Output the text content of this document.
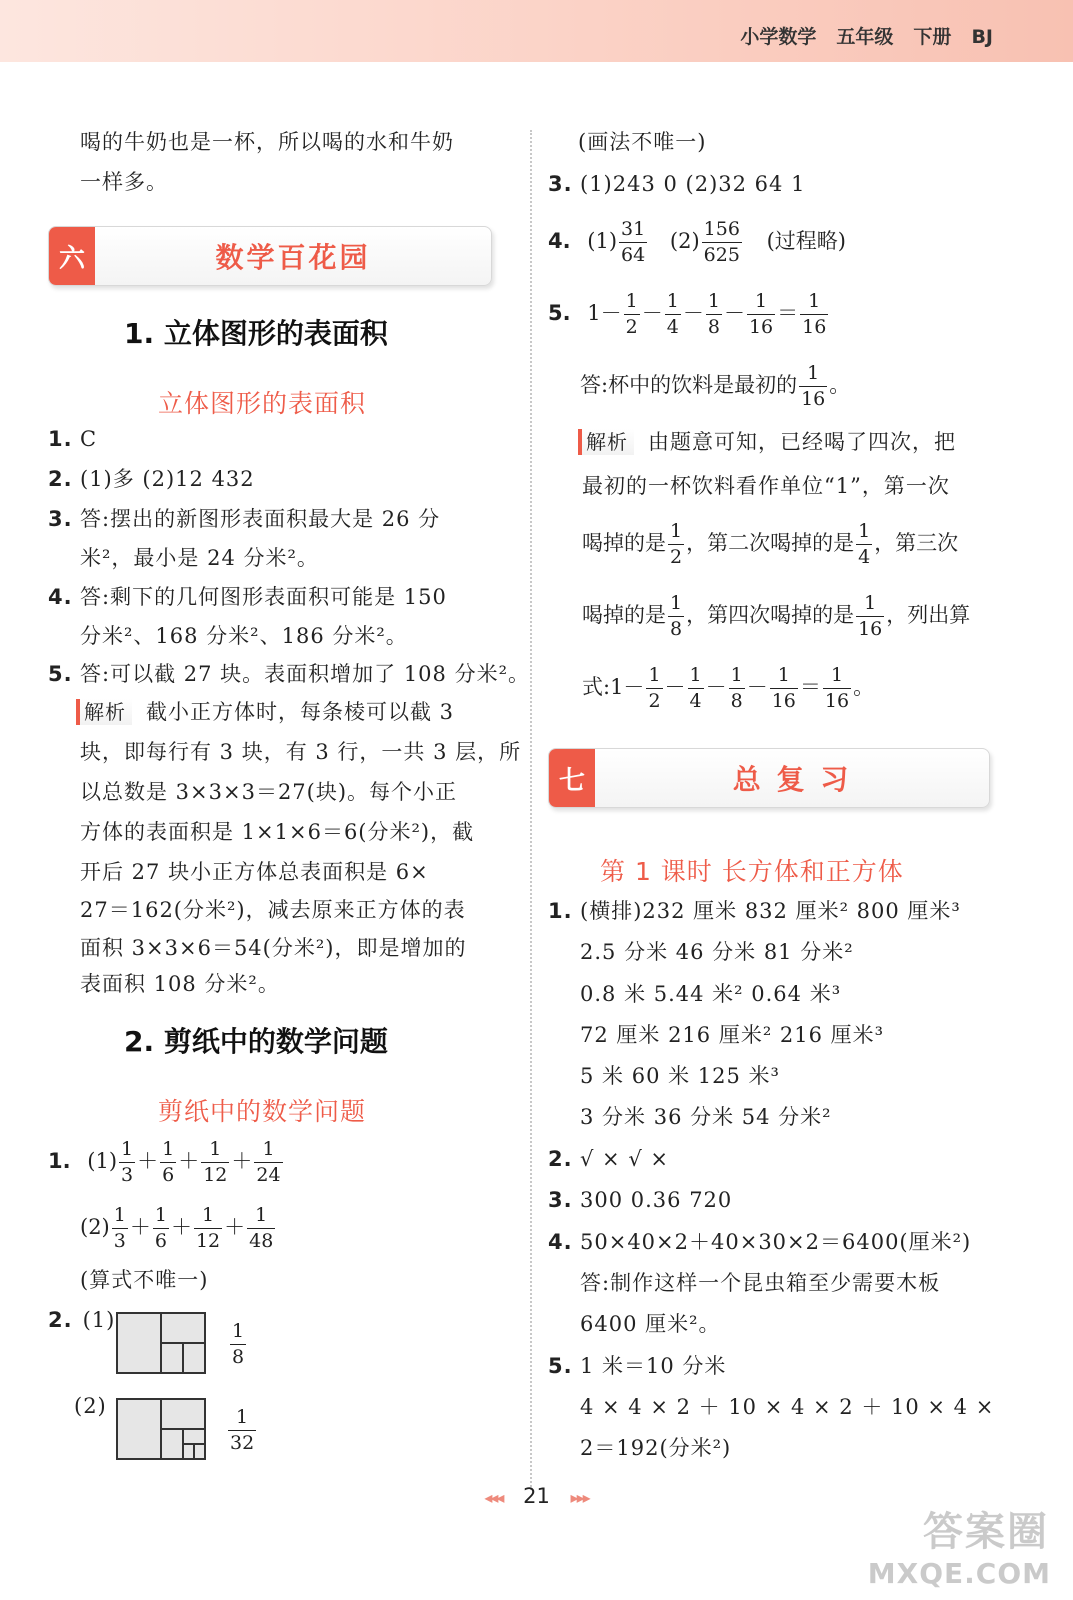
小学数学 五年级 下册 BJ
喝的牛奶也是一杯，所以喝的水和牛奶
一样多。
六	数学百花园
1. 立体图形的表面积
立体图形的表面积
1. C
2. (1)多 (2)12 432
3. 答:摆出的新图形表面积最大是 26 分
米²，最小是 24 分米²。
4. 答:剩下的几何图形表面积可能是 150
分米²、168 分米²、186 分米²。
5. 答:可以截 27 块。表面积增加了 108 分米²。
解析 截小正方体时，每条棱可以截 3
块，即每行有 3 块，有 3 行，一共 3 层，所
以总数是 3×3×3＝27(块)。每个小正
方体的表面积是 1×1×6＝6(分米²)，截
开后 27 块小正方体总表面积是 6×
27＝162(分米²)，减去原来正方体的表
面积 3×3×6＝54(分米²)，即是增加的
表面积 108 分米²。
2. 剪纸中的数学问题
剪纸中的数学问题
1. $(1) \frac{1}{3} + \frac{1}{6} + \frac{1}{12} + \frac{1}{24}$
$(2) \frac{1}{3} + \frac{1}{6} + \frac{1}{12} + \frac{1}{48}$
(算式不唯一)
2. (1)
$\frac{1}{8}$
(2)
$\frac{1}{32}$
(画法不唯一)
3. (1)243 0 (2)32 64 1
4. $(1) \frac{31}{64} (2) \frac{156}{625}$ (过程略)
5. $1- \frac{1}{2} - \frac{1}{4} - \frac{1}{8} - \frac{1}{16} = \frac{1}{16}$
答:杯中的饮料是最初的 $\frac{1}{16}$ 。
解析 由题意可知，已经喝了四次，把
最初的一杯饮料看作单位“1”，第一次
喝掉的是 $\frac{1}{2}$ ，第二次喝掉的是 $\frac{1}{4}$ ，第三次
喝掉的是 $\frac{1}{8}$ ，第四次喝掉的是 $\frac{1}{16}$ ，列出算
式:1－ $\frac{1}{2} - \frac{1}{4} - \frac{1}{8} - \frac{1}{16} = \frac{1}{16}$ 。
七	总 复 习
第 1 课时 长方体和正方体
1. (横排)232 厘米 832 厘米² 800 厘米³
2.5 分米 46 分米 81 分米²
0.8 米 5.44 米² 0.64 米³
72 厘米 216 厘米² 216 厘米³
5 米 60 米 125 米³
3 分米 36 分米 54 分米²
2. √ × √ ×
3. 300 0.36 720
4. 50×40×2＋40×30×2＝6400(厘米²)
答:制作这样一个昆虫箱至少需要木板
6400 厘米²。
5. 1 米＝10 分米
4 × 4 × 2 ＋ 10 × 4 × 2 ＋ 10 × 4 ×
2＝192(分米²)
◂◂◂ 21 ▸▸▸
答案圈
MXQE.COM
